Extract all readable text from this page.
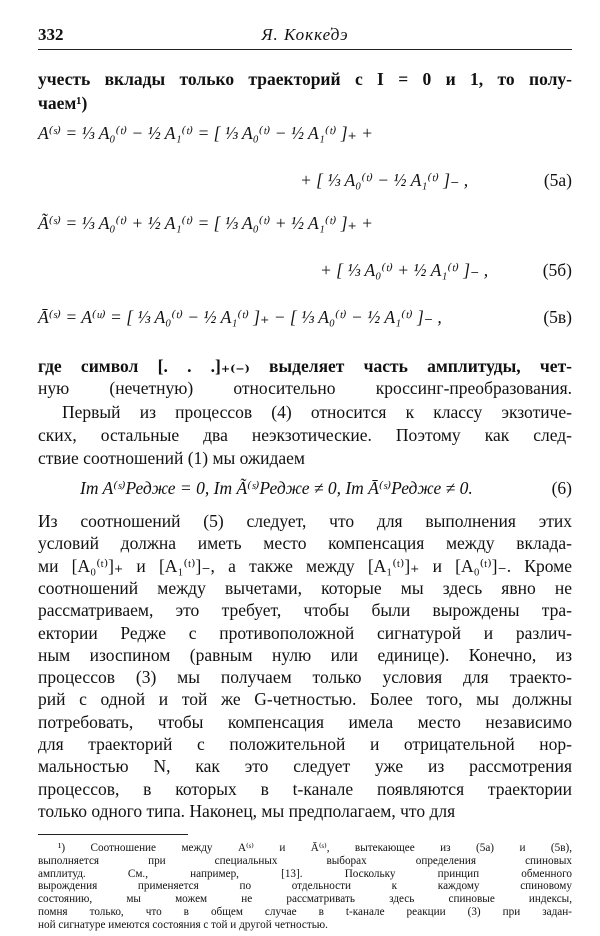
332	Я. Кокке̓дэ
учесть вклады только траекторий с I = 0 и 1, то полу-
чаем¹)
A⁽ˢ⁾ = ⅓ A₀⁽ᵗ⁾ − ½ A₁⁽ᵗ⁾ = [ ⅓ A₀⁽ᵗ⁾ − ½ A₁⁽ᵗ⁾ ]₊ +
+ [ ⅓ A₀⁽ᵗ⁾ − ½ A₁⁽ᵗ⁾ ]₋ ,	(5а)
Ã⁽ˢ⁾ = ⅓ A₀⁽ᵗ⁾ + ½ A₁⁽ᵗ⁾ = [ ⅓ A₀⁽ᵗ⁾ + ½ A₁⁽ᵗ⁾ ]₊ +
+ [ ⅓ A₀⁽ᵗ⁾ + ½ A₁⁽ᵗ⁾ ]₋ ,	(5б)
Ā⁽ˢ⁾ = A⁽ᵘ⁾ = [ ⅓ A₀⁽ᵗ⁾ − ½ A₁⁽ᵗ⁾ ]₊ − [ ⅓ A₀⁽ᵗ⁾ − ½ A₁⁽ᵗ⁾ ]₋ ,	(5в)
где символ [. . .]₊₍₋₎ выделяет часть амплитуды, чет-
ную (нечетную) относительно кроссинг-преобразования.
Первый из процессов (4) относится к классу экзотиче-
ских, остальные два неэкзотические. Поэтому как след-
ствие соотношений (1) мы ожидаем
Im A⁽ˢ⁾Редже = 0, Im Ã⁽ˢ⁾Редже ≠ 0, Im Ā⁽ˢ⁾Редже ≠ 0.	(6)
Из соотношений (5) следует, что для выполнения этих
условий должна иметь место компенсация между вклада-
ми [A₀⁽ᵗ⁾]₊ и [A₁⁽ᵗ⁾]₋, а также между [A₁⁽ᵗ⁾]₊ и [A₀⁽ᵗ⁾]₋. Кроме
соотношений между вычетами, которые мы здесь явно не
рассматриваем, это требует, чтобы были вырождены тра-
ектории Редже с противоположной сигнатурой и различ-
ным изоспином (равным нулю или единице). Конечно, из
процессов (3) мы получаем только условия для траекто-
рий с одной и той же G-четностью. Более того, мы должны
потребовать, чтобы компенсация имела место независимо
для траекторий с положительной и отрицательной нор-
мальностью N, как это следует уже из рассмотрения
процессов, в которых в t-канале появляются траектории
только одного типа. Наконец, мы предполагаем, что для
¹) Соотношение между A⁽ˢ⁾ и Ā⁽ˢ⁾, вытекающее из (5а) и (5в),
выполняется при специальных выборах определения спиновых
амплитуд. См., например, [13]. Поскольку принцип обменного
вырождения применяется по отдельности к каждому спиновому
состоянию, мы можем не рассматривать здесь спиновые индексы,
помня только, что в общем случае в t-канале реакции (3) при задан-
ной сигнатуре имеются состояния с той и другой четностью.
